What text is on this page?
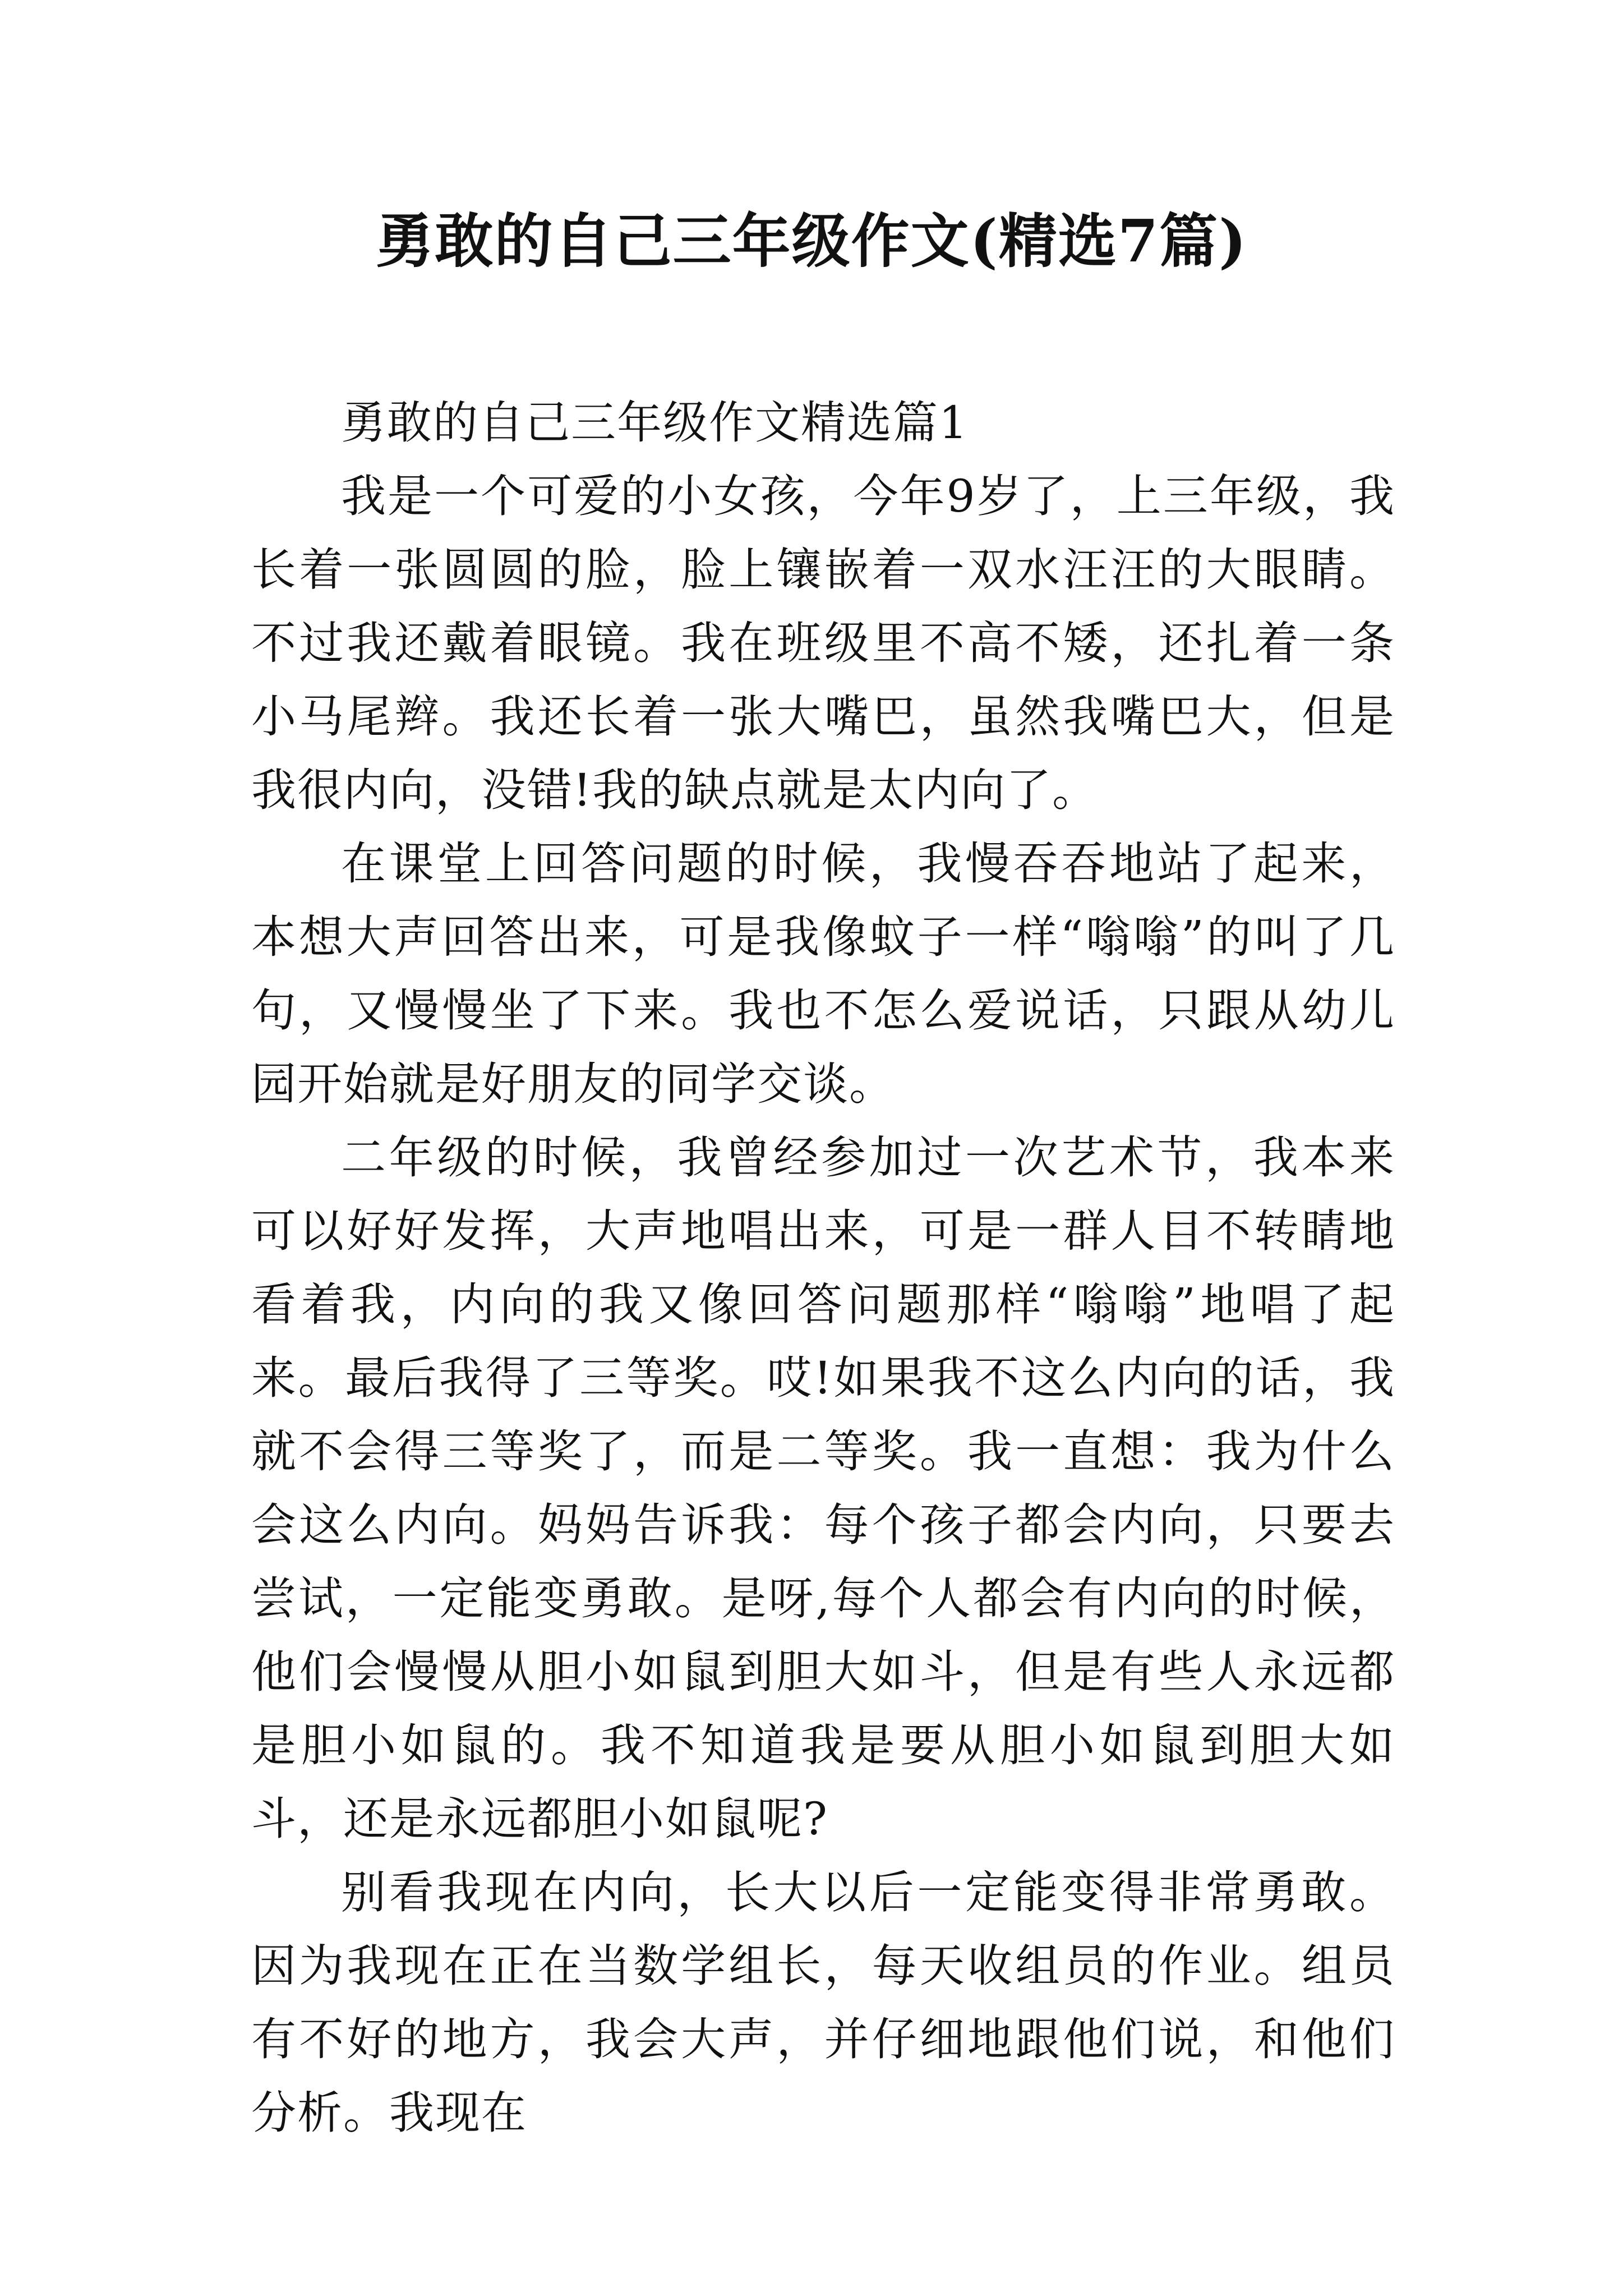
勇敢的自己三年级作文(精选7篇)

勇敢的自己三年级作文精选篇1

我是一个可爱的小女孩，今年9岁了，上三年级，我长着一张圆圆的脸，脸上镶嵌着一双水汪汪的大眼睛。不过我还戴着眼镜。我在班级里不高不矮，还扎着一条小马尾辫。我还长着一张大嘴巴，虽然我嘴巴大，但是我很内向，没错!我的缺点就是太内向了。

在课堂上回答问题的时候，我慢吞吞地站了起来，本想大声回答出来，可是我像蚊子一样“嗡嗡”的叫了几句，又慢慢坐了下来。我也不怎么爱说话，只跟从幼儿园开始就是好朋友的同学交谈。

二年级的时候，我曾经参加过一次艺术节，我本来可以好好发挥，大声地唱出来，可是一群人目不转睛地看着我，内向的我又像回答问题那样“嗡嗡”地唱了起来。最后我得了三等奖。哎!如果我不这么内向的话，我就不会得三等奖了，而是二等奖。我一直想：我为什么会这么内向。妈妈告诉我：每个孩子都会内向，只要去尝试，一定能变勇敢。是呀,每个人都会有内向的时候，他们会慢慢从胆小如鼠到胆大如斗，但是有些人永远都是胆小如鼠的。我不知道我是要从胆小如鼠到胆大如斗，还是永远都胆小如鼠呢?

别看我现在内向，长大以后一定能变得非常勇敢。因为我现在正在当数学组长，每天收组员的作业。组员有不好的地方，我会大声，并仔细地跟他们说，和他们分析。我现在
